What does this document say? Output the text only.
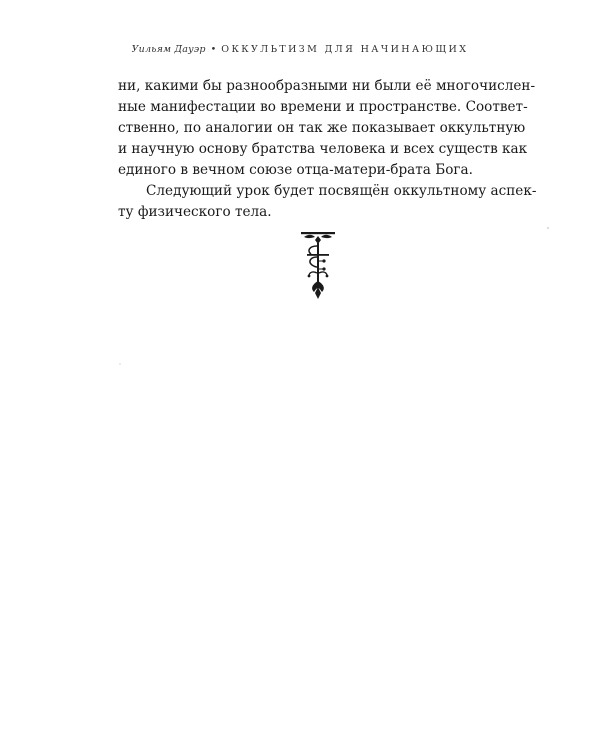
Уильям Дауэр • ОККУЛЬТИЗМ ДЛЯ НАЧИНАЮЩИХ
ни, какими бы разнообразными ни были её многочислен-
ные манифестации во времени и пространстве. Соответ-
ственно, по аналогии он так же показывает оккультную
и научную основу братства человека и всех существ как
единого в вечном союзе отца-матери-брата Бога.
Следующий урок будет посвящён оккультному аспек-
ту физического тела.
